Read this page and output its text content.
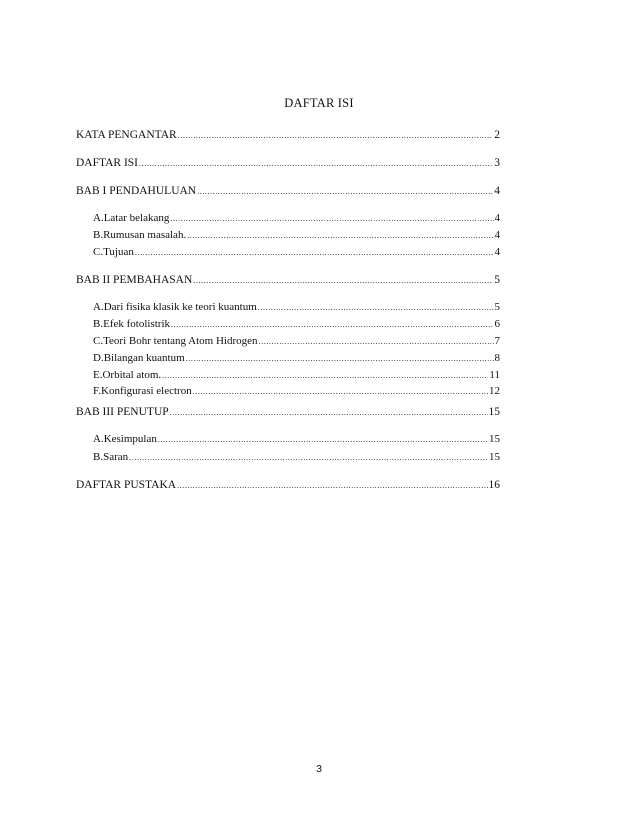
DAFTAR ISI
KATA PENGANTAR .....	2
DAFTAR ISI .....	3
BAB I PENDAHULUAN .....	4
A. Latar belakang .....	4
B. Rumusan masalah. .....	4
C. Tujuan .....	4
BAB II PEMBAHASAN .....	5
A. Dari fisika klasik ke teori kuantum .....	5
B. Efek fotolistrik .....	6
C. Teori Bohr tentang Atom Hidrogen .....	7
D. Bilangan kuantum .....	8
E. Orbital atom. .....	11
F. Konfigurasi electron .....	12
BAB III PENUTUP .....	15
A. Kesimpulan .....	15
B. Saran .....	15
DAFTAR PUSTAKA .....	16
3
